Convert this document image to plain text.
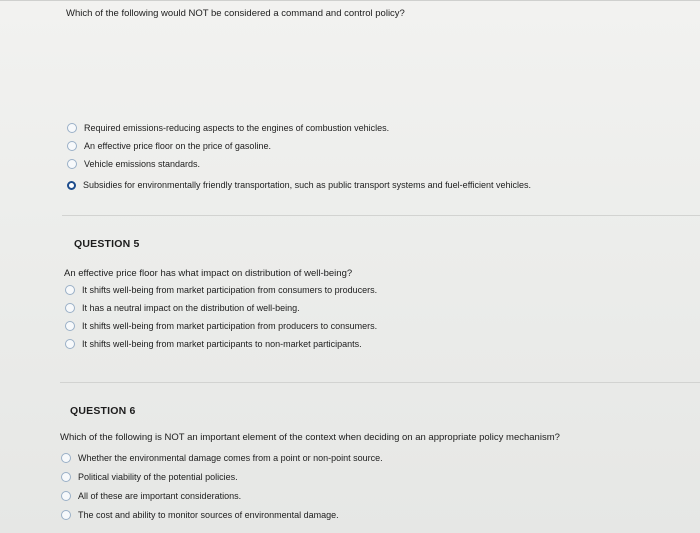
Which of the following would NOT be considered a command and control policy?
Required emissions-reducing aspects to the engines of combustion vehicles.
An effective price floor on the price of gasoline.
Vehicle emissions standards.
Subsidies for environmentally friendly transportation, such as public transport systems and fuel-efficient vehicles.
QUESTION 5
An effective price floor has what impact on distribution of well-being?
It shifts well-being from market participation from consumers to producers.
It has a neutral impact on the distribution of well-being.
It shifts well-being from market participation from producers to consumers.
It shifts well-being from market participants to non-market participants.
QUESTION 6
Which of the following is NOT an important element of the context when deciding on an appropriate policy mechanism?
Whether the environmental damage comes from a point or non-point source.
Political viability of the potential policies.
All of these are important considerations.
The cost and ability to monitor sources of environmental damage.
